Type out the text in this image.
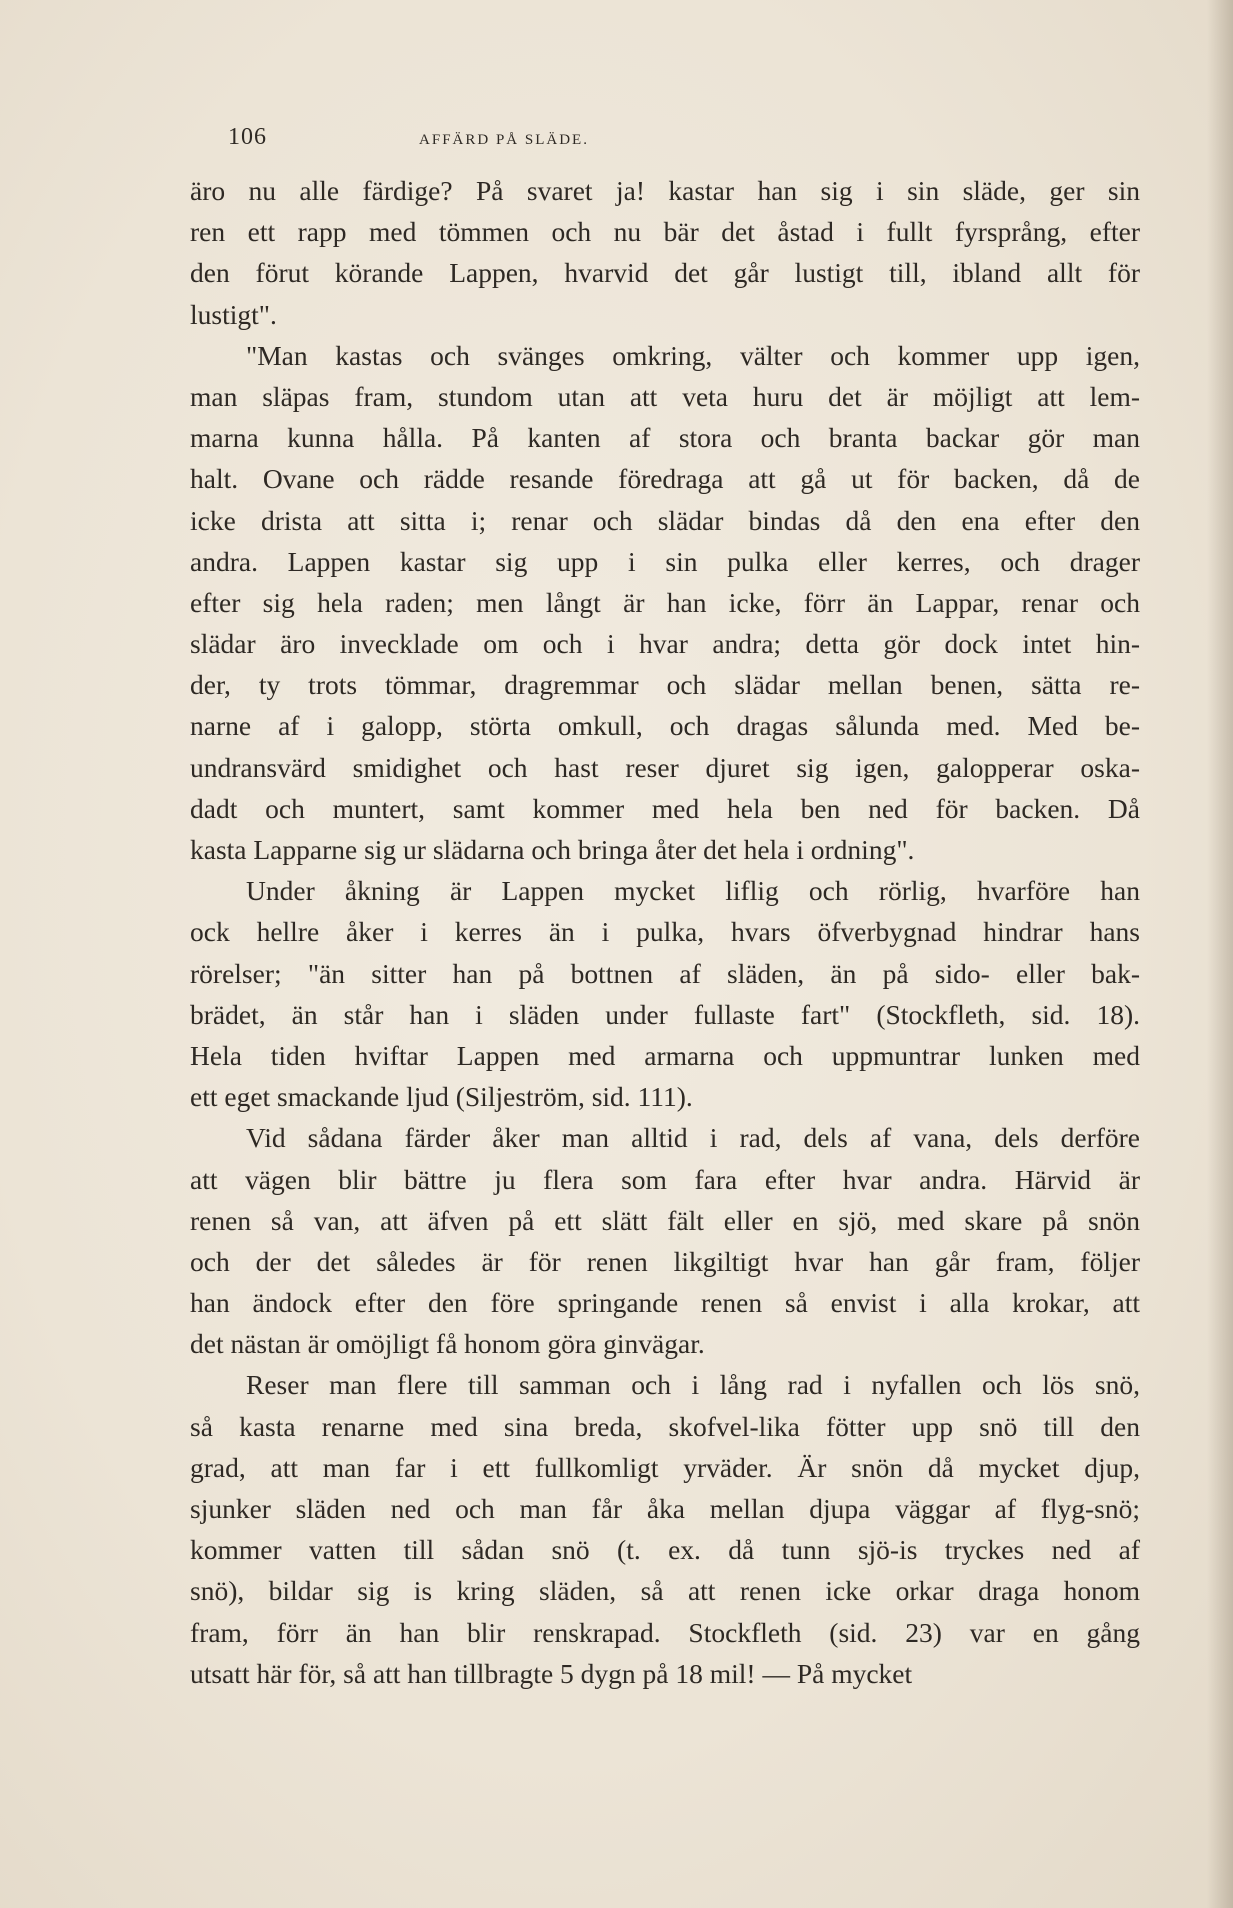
106	AFFÄRD PÅ SLÄDE.
äro nu alle färdige? På svaret ja! kastar han sig i sin släde, ger sin
ren ett rapp med tömmen och nu bär det åstad i fullt fyrsprång, efter
den förut körande Lappen, hvarvid det går lustigt till, ibland allt för
lustigt".
"Man kastas och svänges omkring, välter och kommer upp igen,
man släpas fram, stundom utan att veta huru det är möjligt att lem-
marna kunna hålla. På kanten af stora och branta backar gör man
halt. Ovane och rädde resande föredraga att gå ut för backen, då de
icke drista att sitta i; renar och slädar bindas då den ena efter den
andra. Lappen kastar sig upp i sin pulka eller kerres, och drager
efter sig hela raden; men långt är han icke, förr än Lappar, renar och
slädar äro invecklade om och i hvar andra; detta gör dock intet hin-
der, ty trots tömmar, dragremmar och slädar mellan benen, sätta re-
narne af i galopp, störta omkull, och dragas sålunda med. Med be-
undransvärd smidighet och hast reser djuret sig igen, galopperar oska-
dadt och muntert, samt kommer med hela ben ned för backen. Då
kasta Lapparne sig ur slädarna och bringa åter det hela i ordning".
Under åkning är Lappen mycket liflig och rörlig, hvarföre han
ock hellre åker i kerres än i pulka, hvars öfverbygnad hindrar hans
rörelser; "än sitter han på bottnen af släden, än på sido- eller bak-
brädet, än står han i släden under fullaste fart" (Stockfleth, sid. 18).
Hela tiden hviftar Lappen med armarna och uppmuntrar lunken med
ett eget smackande ljud (Siljeström, sid. 111).
Vid sådana färder åker man alltid i rad, dels af vana, dels derföre
att vägen blir bättre ju flera som fara efter hvar andra. Härvid är
renen så van, att äfven på ett slätt fält eller en sjö, med skare på snön
och der det således är för renen likgiltigt hvar han går fram, följer
han ändock efter den före springande renen så envist i alla krokar, att
det nästan är omöjligt få honom göra ginvägar.
Reser man flere till samman och i lång rad i nyfallen och lös snö,
så kasta renarne med sina breda, skofvel-lika fötter upp snö till den
grad, att man far i ett fullkomligt yrväder. Är snön då mycket djup,
sjunker släden ned och man får åka mellan djupa väggar af flyg-snö;
kommer vatten till sådan snö (t. ex. då tunn sjö-is tryckes ned af
snö), bildar sig is kring släden, så att renen icke orkar draga honom
fram, förr än han blir renskrapad. Stockfleth (sid. 23) var en gång
utsatt här för, så att han tillbragte 5 dygn på 18 mil! — På mycket
